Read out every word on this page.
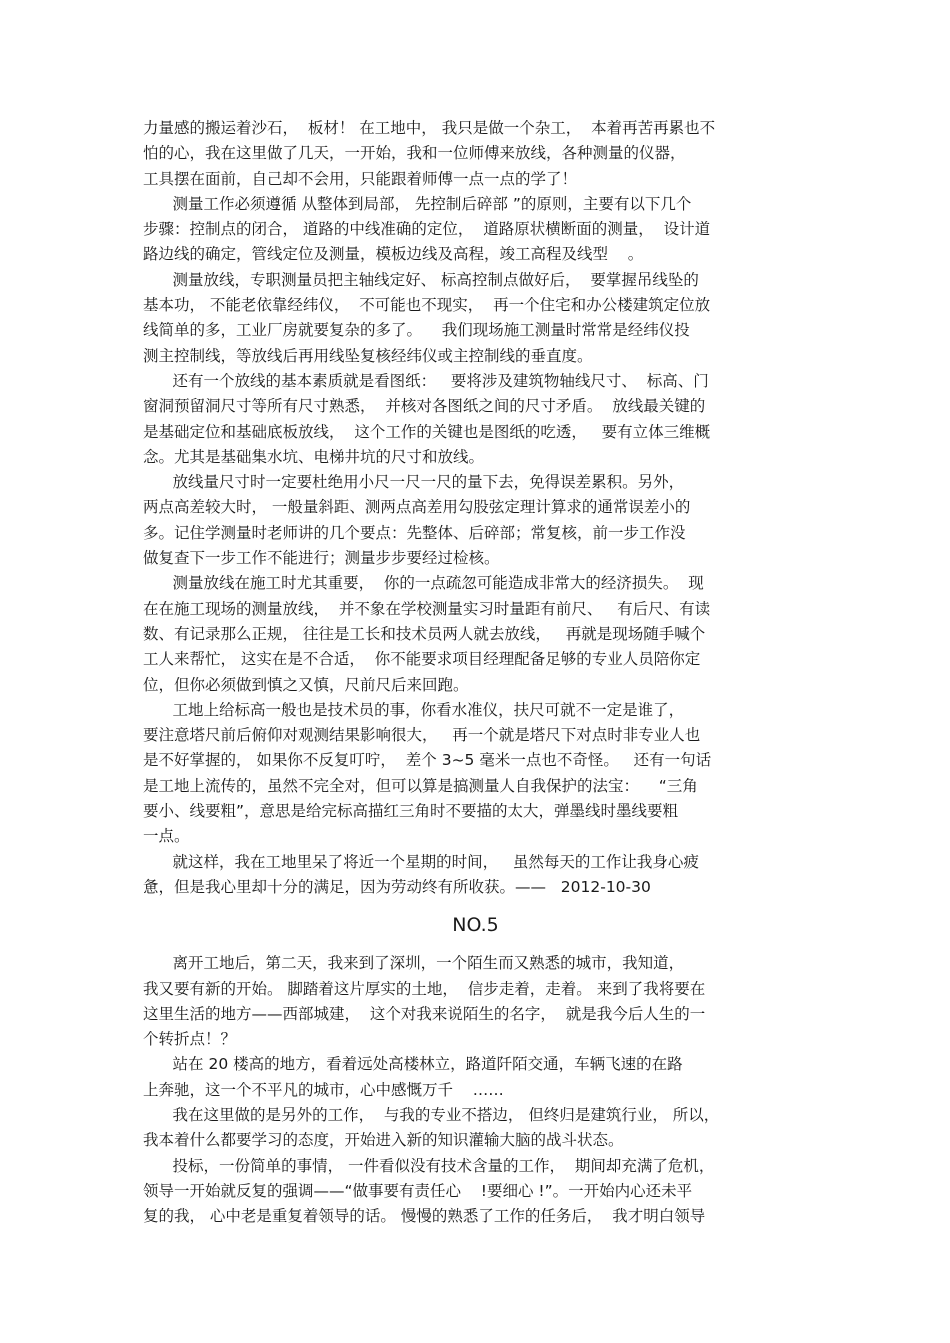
力量感的搬运着沙石，  板材！ 在工地中， 我只是做一个杂工，  本着再苦再累也不
怕的心，我在这里做了几天，一开始，我和一位师傅来放线，各种测量的仪器，
工具摆在面前，自己却不会用，只能跟着师傅一点一点的学了！
测量工作必须遵循 从整体到局部， 先控制后碎部 ”的原则，主要有以下几个
步骤：控制点的闭合， 道路的中线准确的定位，  道路原状横断面的测量，  设计道
路边线的确定，管线定位及测量，模板边线及高程，竣工高程及线型    。
测量放线，专职测量员把主轴线定好、 标高控制点做好后，  要掌握吊线坠的
基本功， 不能老依靠经纬仪，  不可能也不现实，  再一个住宅和办公楼建筑定位放
线简单的多，工业厂房就要复杂的多了。    我们现场施工测量时常常是经纬仪投
测主控制线，等放线后再用线坠复核经纬仪或主控制线的垂直度。
还有一个放线的基本素质就是看图纸：   要将涉及建筑物轴线尺寸、  标高、门
窗洞预留洞尺寸等所有尺寸熟悉，  并核对各图纸之间的尺寸矛盾。  放线最关键的
是基础定位和基础底板放线，  这个工作的关键也是图纸的吃透，   要有立体三维概
念。尤其是基础集水坑、电梯井坑的尺寸和放线。
放线量尺寸时一定要杜绝用小尺一尺一尺的量下去，免得误差累积。另外，
两点高差较大时， 一般量斜距、测两点高差用勾股弦定理计算求的通常误差小的
多。记住学测量时老师讲的几个要点：先整体、后碎部；常复核，前一步工作没
做复查下一步工作不能进行；测量步步要经过检核。
测量放线在施工时尤其重要，  你的一点疏忽可能造成非常大的经济损失。  现
在在施工现场的测量放线，  并不象在学校测量实习时量距有前尺、   有后尺、有读
数、有记录那么正规， 往往是工长和技术员两人就去放线，   再就是现场随手喊个
工人来帮忙， 这实在是不合适，  你不能要求项目经理配备足够的专业人员陪你定
位，但你必须做到慎之又慎，尺前尺后来回跑。
工地上给标高一般也是技术员的事，你看水准仪，扶尺可就不一定是谁了，
要注意塔尺前后俯仰对观测结果影响很大，   再一个就是塔尺下对点时非专业人也
是不好掌握的， 如果你不反复叮咛，  差个 3~5 毫米一点也不奇怪。   还有一句话
是工地上流传的，虽然不完全对，但可以算是搞测量人自我保护的法宝：    “三角
要小、线要粗”，意思是给完标高描红三角时不要描的太大，弹墨线时墨线要粗
一点。
就这样，我在工地里呆了将近一个星期的时间，   虽然每天的工作让我身心疲
惫，但是我心里却十分的满足，因为劳动终有所收获。——   2012-10-30
NO.5
离开工地后，第二天，我来到了深圳，一个陌生而又熟悉的城市，我知道，
我又要有新的开始。 脚踏着这片厚实的土地，  信步走着，走着。 来到了我将要在
这里生活的地方——西部城建，  这个对我来说陌生的名字，  就是我今后人生的一
个转折点！？
站在 20 楼高的地方，看着远处高楼林立，路道阡陌交通，车辆飞速的在路
上奔驰，这一个不平凡的城市，心中感慨万千    ……
我在这里做的是另外的工作，  与我的专业不搭边， 但终归是建筑行业， 所以，
我本着什么都要学习的态度，开始进入新的知识灌输大脑的战斗状态。
投标，一份简单的事情， 一件看似没有技术含量的工作，  期间却充满了危机，
领导一开始就反复的强调——“做事要有责任心    !要细心 !”。一开始内心还未平
复的我， 心中老是重复着领导的话。 慢慢的熟悉了工作的任务后，  我才明白领导
